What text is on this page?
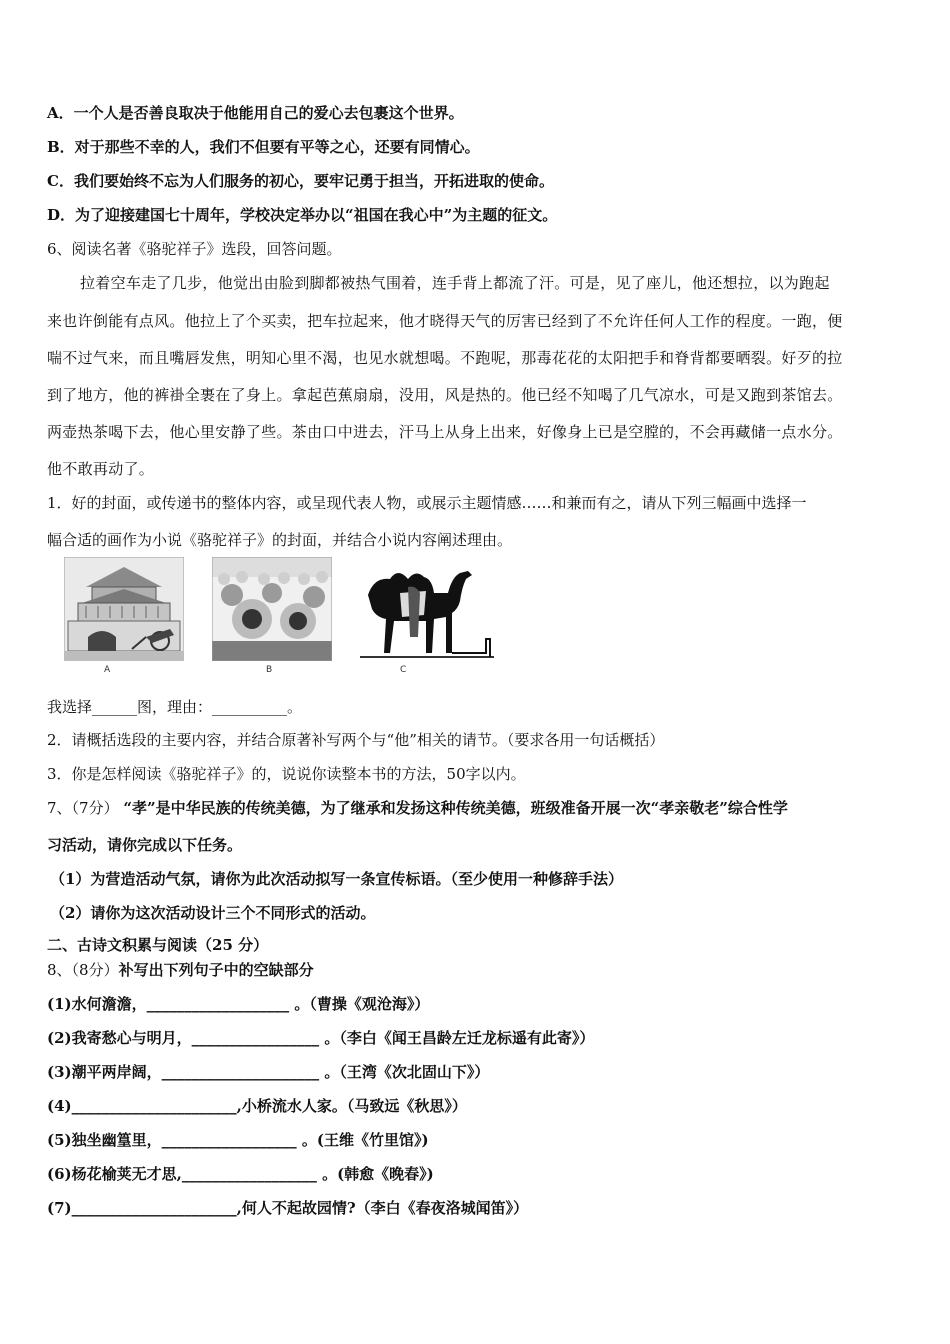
A．一个人是否善良取决于他能用自己的爱心去包裹这个世界。
B．对于那些不幸的人，我们不但要有平等之心，还要有同情心。
C．我们要始终不忘为人们服务的初心，要牢记勇于担当，开拓进取的使命。
D．为了迎接建国七十周年，学校决定举办以“祖国在我心中”为主题的征文。
6、阅读名著《骆驼祥子》选段，回答问题。
拉着空车走了几步，他觉出由脸到脚都被热气围着，连手背上都流了汗。可是，见了座儿，他还想拉，以为跑起
来也许倒能有点风。他拉上了个买卖，把车拉起来，他才晓得天气的厉害已经到了不允许任何人工作的程度。一跑，便
喘不过气来，而且嘴唇发焦，明知心里不渴，也见水就想喝。不跑呢，那毒花花的太阳把手和脊背都要晒裂。好歹的拉
到了地方，他的裤褂全裹在了身上。拿起芭蕉扇扇，没用，风是热的。他已经不知喝了几气凉水，可是又跑到茶馆去。
两壶热茶喝下去，他心里安静了些。茶由口中进去，汗马上从身上出来，好像身上已是空膛的，不会再藏储一点水分。
他不敢再动了。
1．好的封面，或传递书的整体内容，或呈现代表人物，或展示主题情感……和兼而有之，请从下列三幅画中选择一
幅合适的画作为小说《骆驼祥子》的封面，并结合小说内容阐述理由。
A	B	C
我选择______图，理由：__________。
2．请概括选段的主要内容，并结合原著补写两个与“他”相关的请节。（要求各用一句话概括）
3．你是怎样阅读《骆驼祥子》的，说说你读整本书的方法，50字以内。
7、（7分） “孝”是中华民族的传统美德，为了继承和发扬这种传统美德，班级准备开展一次“孝亲敬老”综合性学
习活动，请你完成以下任务。
（1）为营造活动气氛，请你为此次活动拟写一条宣传标语。（至少使用一种修辞手法）
（2）请你为这次活动设计三个不同形式的活动。
二、古诗文积累与阅读（25 分）
8、（8分）补写出下列句子中的空缺部分
(1)水何澹澹，___________________ 。（曹操《观沧海》）
(2)我寄愁心与明月，_________________ 。（李白《闻王昌龄左迁龙标遥有此寄》）
(3)潮平两岸阔，_____________________ 。（王湾《次北固山下》）
(4)______________________,小桥流水人家。（马致远《秋思》）
(5)独坐幽篁里，__________________ 。(王维《竹里馆》)
(6)杨花榆荚无才思,__________________ 。(韩愈《晚春》)
(7)______________________,何人不起故园情?（李白《春夜洛城闻笛》）
